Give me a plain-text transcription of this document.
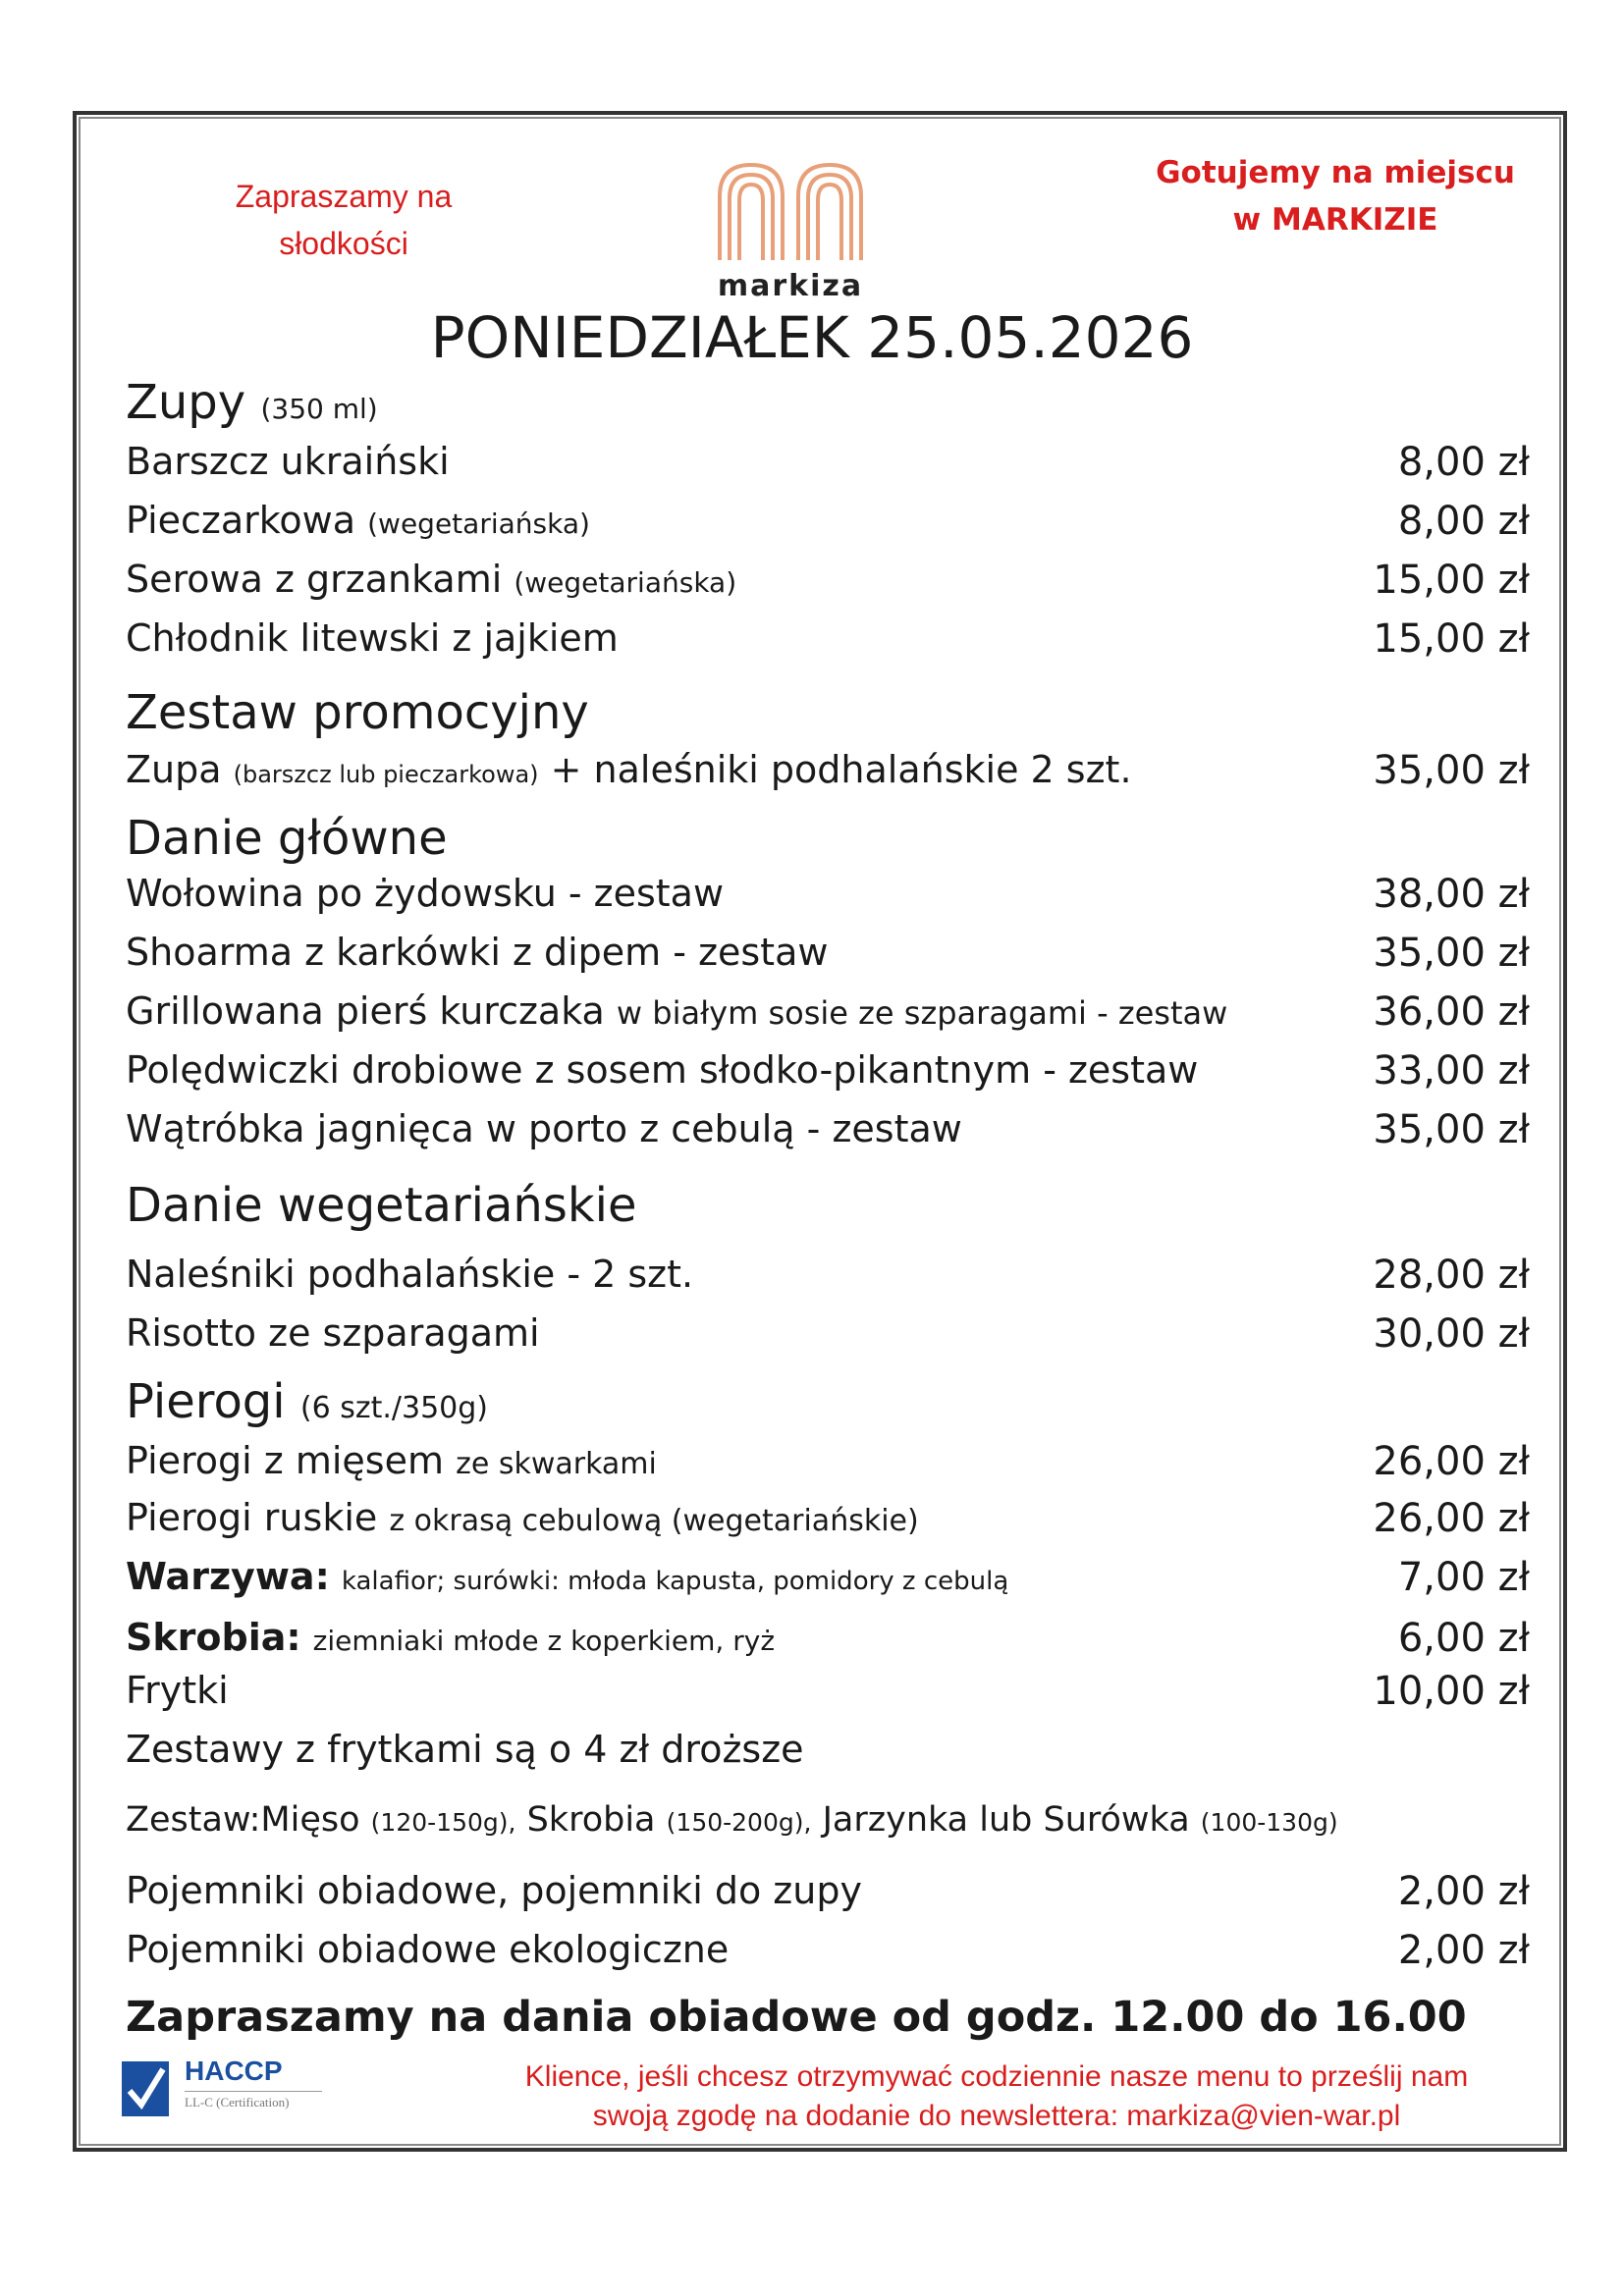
Zapraszamy na
słodkości
Gotujemy na miejscu
w MARKIZIE
markiza
PONIEDZIAŁEK 25.05.2026
Zupy (350 ml)
Barszcz ukraiński	8,00 zł
Pieczarkowa (wegetariańska)	8,00 zł
Serowa z grzankami (wegetariańska)	15,00 zł
Chłodnik litewski z jajkiem	15,00 zł
Zestaw promocyjny
Zupa (barszcz lub pieczarkowa) + naleśniki podhalańskie 2 szt.	35,00 zł
Danie główne
Wołowina po żydowsku - zestaw	38,00 zł
Shoarma z karkówki z dipem - zestaw	35,00 zł
Grillowana pierś kurczaka w białym sosie ze szparagami - zestaw	36,00 zł
Polędwiczki drobiowe z sosem słodko-pikantnym - zestaw	33,00 zł
Wątróbka jagnięca w porto z cebulą - zestaw	35,00 zł
Danie wegetariańskie
Naleśniki podhalańskie - 2 szt.	28,00 zł
Risotto ze szparagami	30,00 zł
Pierogi (6 szt./350g)
Pierogi z mięsem ze skwarkami	26,00 zł
Pierogi ruskie z okrasą cebulową (wegetariańskie)	26,00 zł
Warzywa: kalafior; surówki: młoda kapusta, pomidory z cebulą	7,00 zł
Skrobia: ziemniaki młode z koperkiem, ryż	6,00 zł
Frytki	10,00 zł
Zestawy z frytkami są o 4 zł droższe
Zestaw:Mięso (120-150g), Skrobia (150-200g), Jarzynka lub Surówka (100-130g)
Pojemniki obiadowe, pojemniki do zupy	2,00 zł
Pojemniki obiadowe ekologiczne	2,00 zł
Zapraszamy na dania obiadowe od godz. 12.00 do 16.00
HACCP
LL-C (Certification)
Klience, jeśli chcesz otrzymywać codziennie nasze menu to prześlij nam
swoją zgodę na dodanie do newslettera: markiza@vien-war.pl
